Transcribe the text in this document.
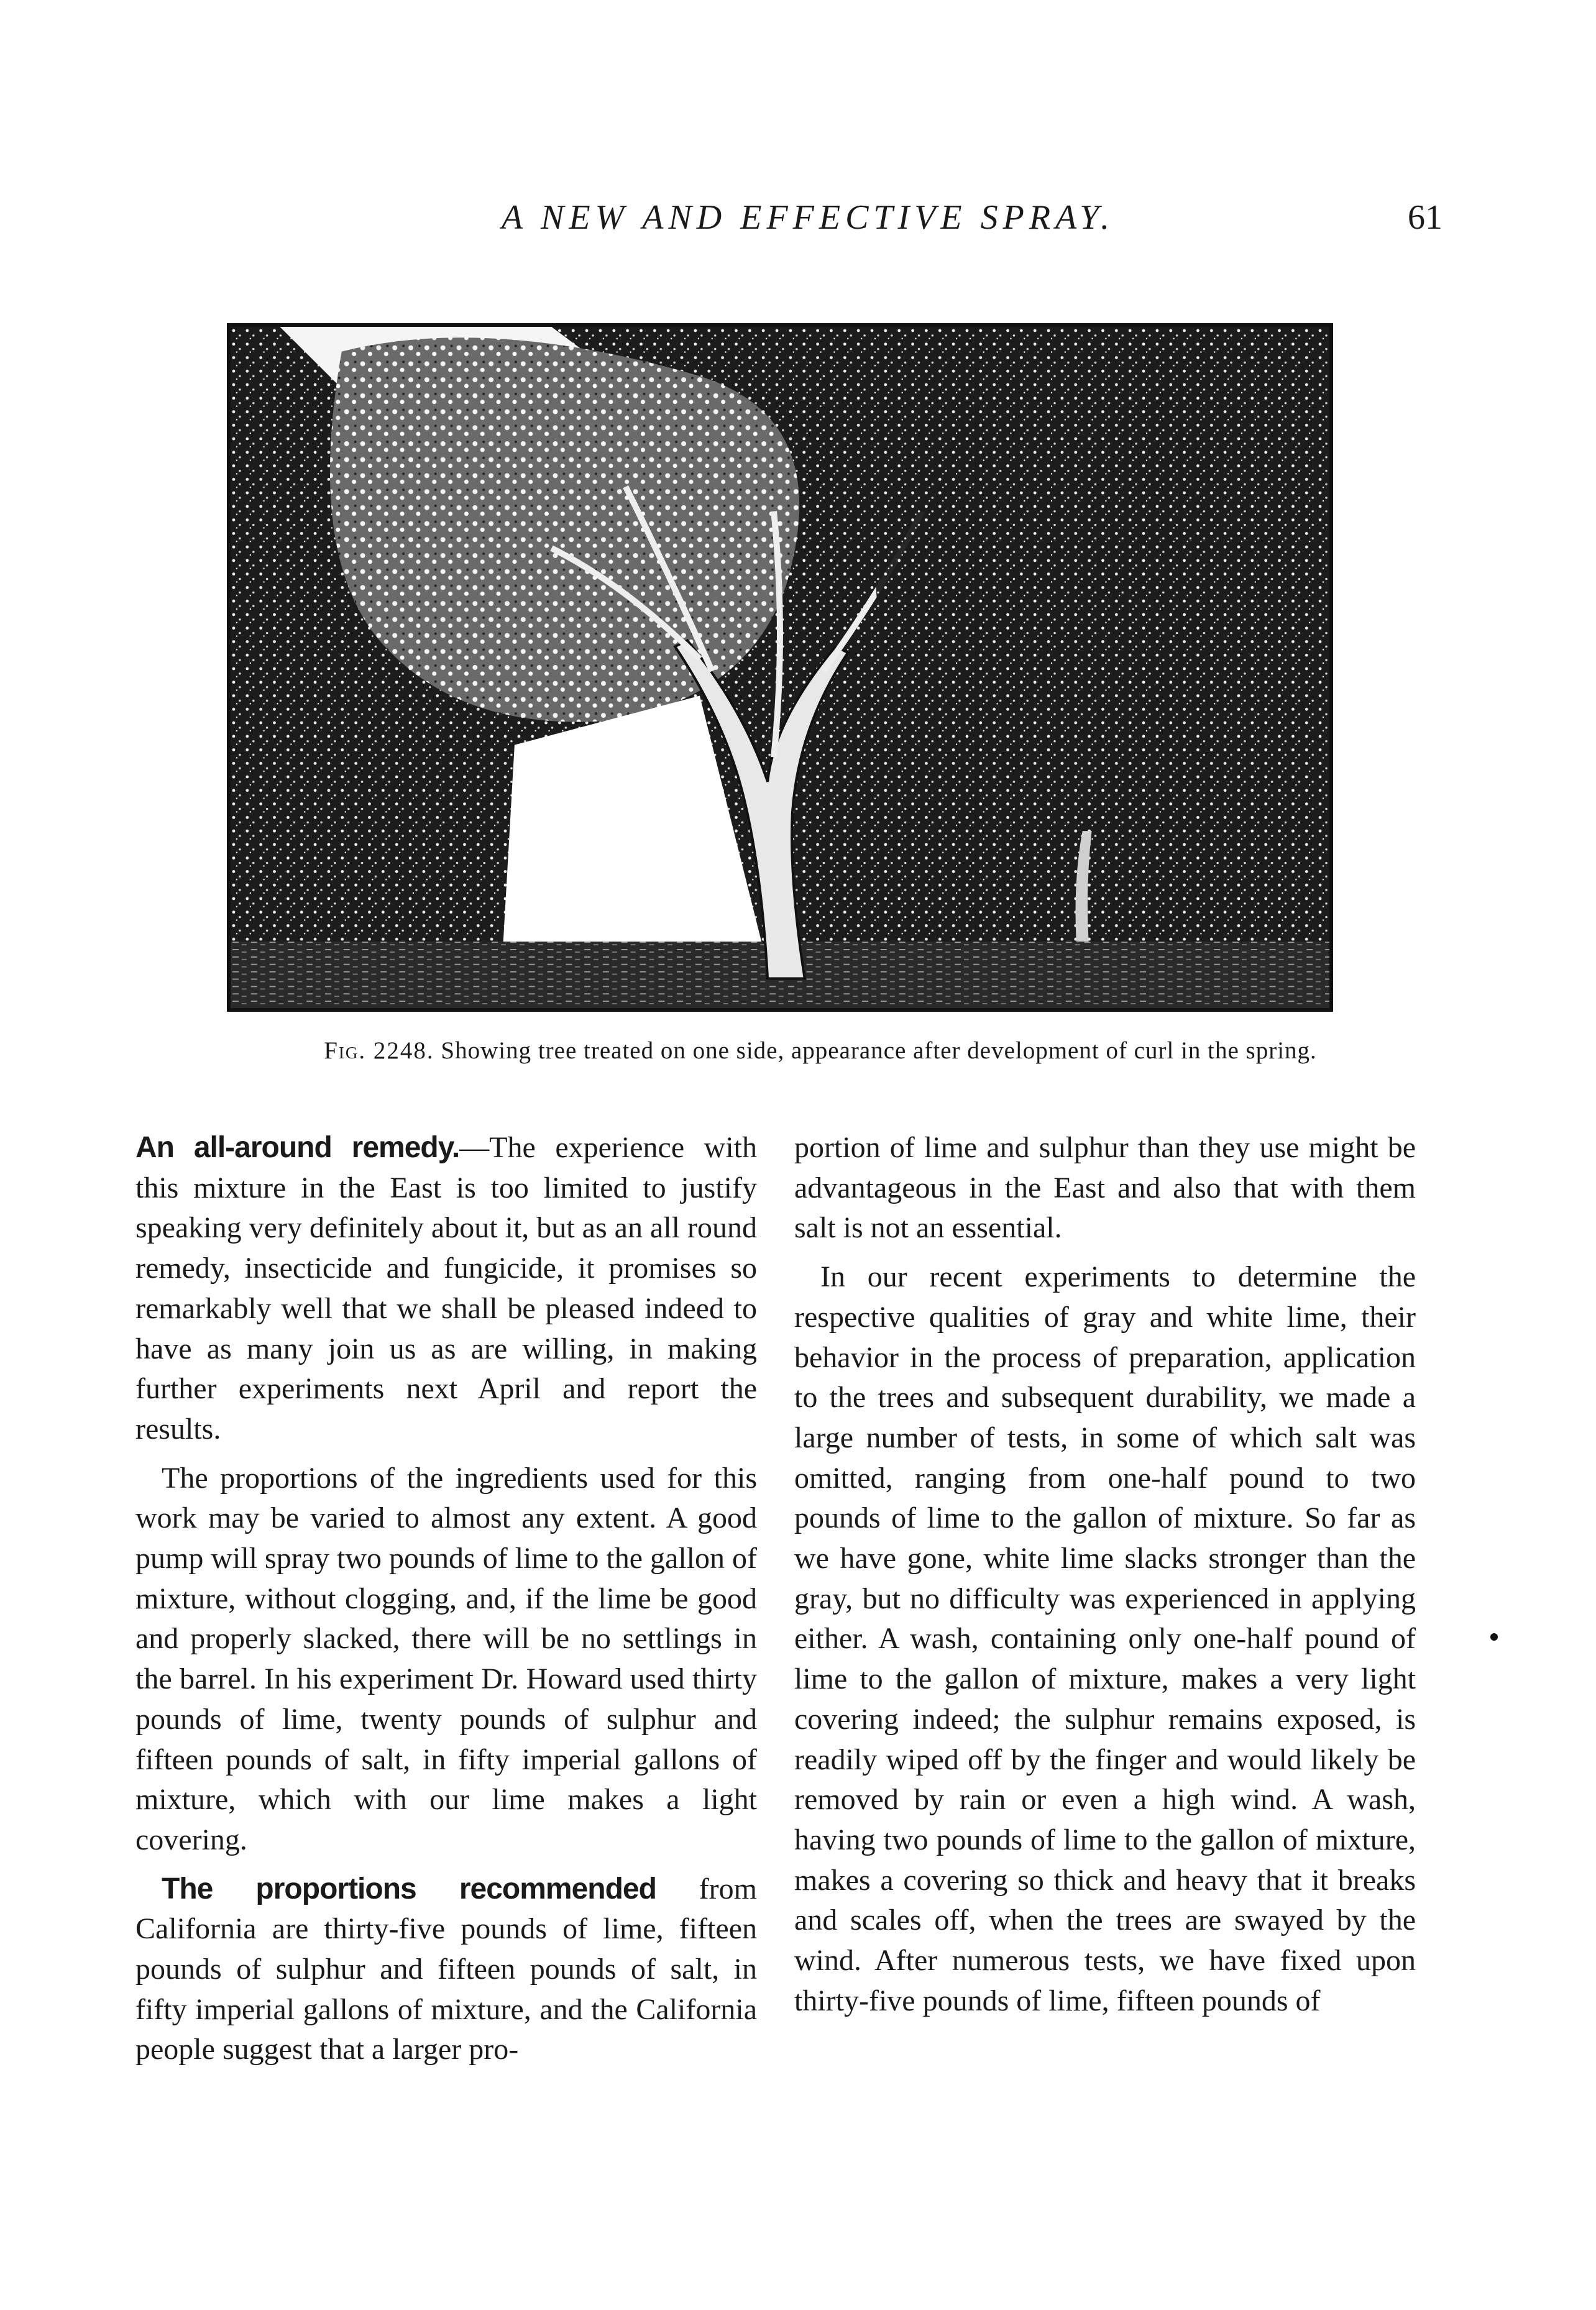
A NEW AND EFFECTIVE SPRAY.	61
Fig. 2248. Showing tree treated on one side, appearance after development of curl in the spring.

An all-around remedy.—The experience with this mixture in the East is too limited to justify speaking very definitely about it, but as an all round remedy, insecticide and fungicide, it promises so remarkably well that we shall be pleased indeed to have as many join us as are willing, in making further experiments next April and report the results.

The proportions of the ingredients used for this work may be varied to almost any extent. A good pump will spray two pounds of lime to the gallon of mixture, without clogging, and, if the lime be good and properly slacked, there will be no settlings in the barrel. In his experiment Dr. Howard used thirty pounds of lime, twenty pounds of sulphur and fifteen pounds of salt, in fifty imperial gallons of mixture, which with our lime makes a light covering.

The proportions recommended from California are thirty-five pounds of lime, fifteen pounds of sulphur and fifteen pounds of salt, in fifty imperial gallons of mixture, and the California people suggest that a larger pro-

portion of lime and sulphur than they use might be advantageous in the East and also that with them salt is not an essential.

In our recent experiments to determine the respective qualities of gray and white lime, their behavior in the process of preparation, application to the trees and subsequent durability, we made a large number of tests, in some of which salt was omitted, ranging from one-half pound to two pounds of lime to the gallon of mixture. So far as we have gone, white lime slacks stronger than the gray, but no difficulty was experienced in applying either. A wash, containing only one-half pound of lime to the gallon of mixture, makes a very light covering indeed; the sulphur remains exposed, is readily wiped off by the finger and would likely be removed by rain or even a high wind. A wash, having two pounds of lime to the gallon of mixture, makes a covering so thick and heavy that it breaks and scales off, when the trees are swayed by the wind. After numerous tests, we have fixed upon thirty-five pounds of lime, fifteen pounds of
